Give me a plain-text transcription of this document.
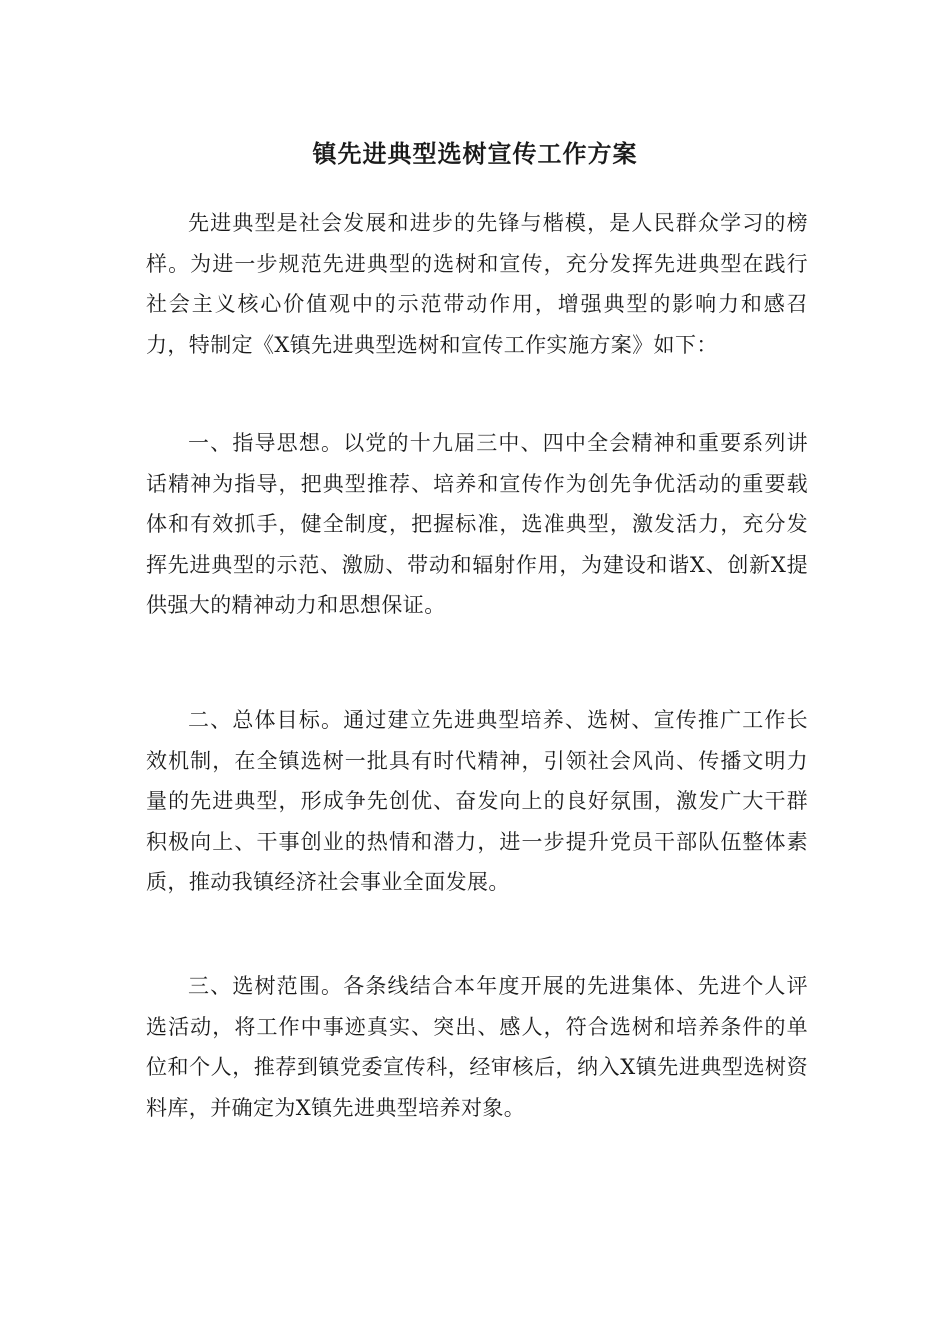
镇先进典型选树宣传工作方案

先进典型是社会发展和进步的先锋与楷模，是人民群众学习的榜样。为进一步规范先进典型的选树和宣传，充分发挥先进典型在践行社会主义核心价值观中的示范带动作用，增强典型的影响力和感召力，特制定《X镇先进典型选树和宣传工作实施方案》如下：

一、指导思想。以党的十九届三中、四中全会精神和重要系列讲话精神为指导，把典型推荐、培养和宣传作为创先争优活动的重要载体和有效抓手，健全制度，把握标准，选准典型，激发活力，充分发挥先进典型的示范、激励、带动和辐射作用，为建设和谐X、创新X提供强大的精神动力和思想保证。

二、总体目标。通过建立先进典型培养、选树、宣传推广工作长效机制，在全镇选树一批具有时代精神，引领社会风尚、传播文明力量的先进典型，形成争先创优、奋发向上的良好氛围，激发广大干群积极向上、干事创业的热情和潜力，进一步提升党员干部队伍整体素质，推动我镇经济社会事业全面发展。

三、选树范围。各条线结合本年度开展的先进集体、先进个人评选活动，将工作中事迹真实、突出、感人，符合选树和培养条件的单位和个人，推荐到镇党委宣传科，经审核后，纳入X镇先进典型选树资料库，并确定为X镇先进典型培养对象。
